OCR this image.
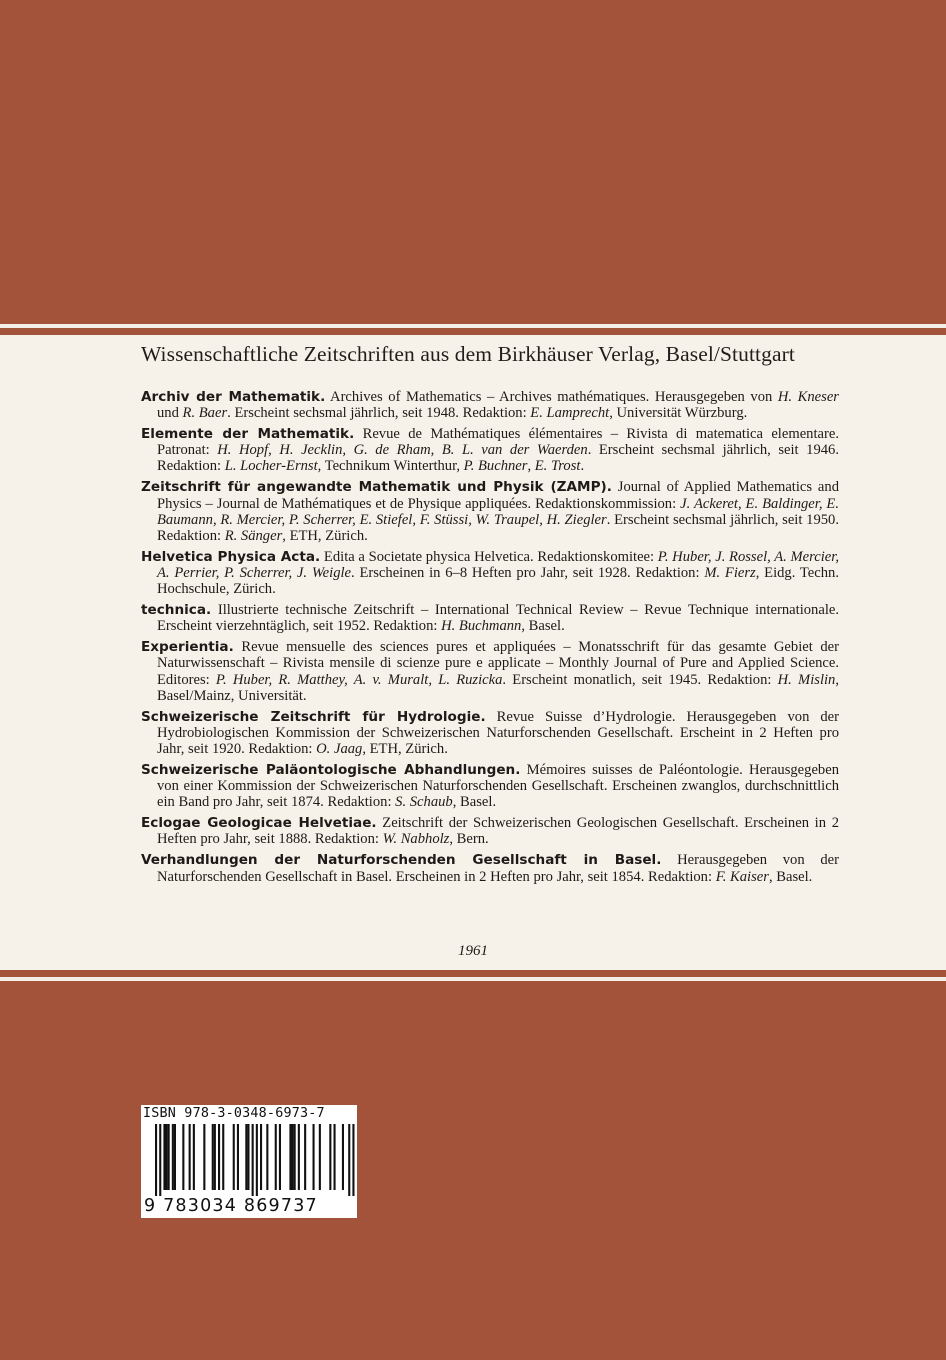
Wissenschaftliche Zeitschriften aus dem Birkhäuser Verlag, Basel/Stuttgart

Archiv der Mathematik. Archives of Mathematics – Archives mathématiques. Herausgegeben von H. Kneser und R. Baer. Erscheint sechsmal jährlich, seit 1948. Redaktion: E. Lamprecht, Universität Würzburg.

Elemente der Mathematik. Revue de Mathématiques élémentaires – Rivista di matematica elementare. Patronat: H. Hopf, H. Jecklin, G. de Rham, B. L. van der Waerden. Erscheint sechsmal jährlich, seit 1946. Redaktion: L. Locher-Ernst, Technikum Winterthur, P. Buchner, E. Trost.

Zeitschrift für angewandte Mathematik und Physik (ZAMP). Journal of Applied Mathematics and Physics – Journal de Mathématiques et de Physique appliquées. Redaktionskommission: J. Ackeret, E. Baldinger, E. Baumann, R. Mercier, P. Scherrer, E. Stiefel, F. Stüssi, W. Traupel, H. Ziegler. Erscheint sechsmal jährlich, seit 1950. Redaktion: R. Sänger, ETH, Zürich.

Helvetica Physica Acta. Edita a Societate physica Helvetica. Redaktionskomitee: P. Huber, J. Rossel, A. Mercier, A. Perrier, P. Scherrer, J. Weigle. Erscheinen in 6–8 Heften pro Jahr, seit 1928. Redaktion: M. Fierz, Eidg. Techn. Hochschule, Zürich.

technica. Illustrierte technische Zeitschrift – International Technical Review – Revue Technique internationale. Erscheint vierzehntäglich, seit 1952. Redaktion: H. Buchmann, Basel.

Experientia. Revue mensuelle des sciences pures et appliquées – Monatsschrift für das gesamte Gebiet der Naturwissenschaft – Rivista mensile di scienze pure e applicate – Monthly Journal of Pure and Applied Science. Editores: P. Huber, R. Matthey, A. v. Muralt, L. Ruzicka. Erscheint monatlich, seit 1945. Redaktion: H. Mislin, Basel/Mainz, Universität.

Schweizerische Zeitschrift für Hydrologie. Revue Suisse d’Hydrologie. Herausgegeben von der Hydrobiologischen Kommission der Schweizerischen Naturforschenden Gesellschaft. Erscheint in 2 Heften pro Jahr, seit 1920. Redaktion: O. Jaag, ETH, Zürich.

Schweizerische Paläontologische Abhandlungen. Mémoires suisses de Paléontologie. Herausgegeben von einer Kommission der Schweizerischen Naturforschenden Gesellschaft. Erscheinen zwanglos, durchschnittlich ein Band pro Jahr, seit 1874. Redaktion: S. Schaub, Basel.

Eclogae Geologicae Helvetiae. Zeitschrift der Schweizerischen Geologischen Gesellschaft. Erscheinen in 2 Heften pro Jahr, seit 1888. Redaktion: W. Nabholz, Bern.

Verhandlungen der Naturforschenden Gesellschaft in Basel. Herausgegeben von der Naturforschenden Gesellschaft in Basel. Erscheinen in 2 Heften pro Jahr, seit 1854. Redaktion: F. Kaiser, Basel.

1961
ISBN 978-3-0348-6973-7
9 783034 869737
